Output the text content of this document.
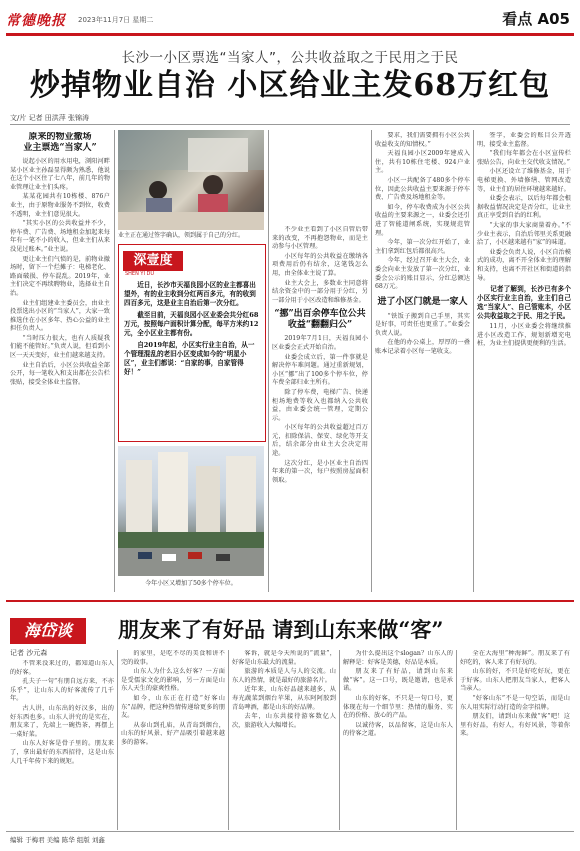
常德晚报 2023年11月7日 星期二	看点 A05
长沙一小区票选“当家人”，公共收益取之于民用之于民
炒掉物业自治 小区给业主发68万红包
文/片 记者 田洪萍 张锦涛
原来的物业撤场
业主票选“当家人”

说起小区的用水用电，浏阳河畔某小区业主孙磊显得颇为熟悉，他说在这个小区住了七八年，前几年的物业管理让业主们头疼。

某某花园共有10栋楼、876户业主，由于原物业服务不到位，收费不透明，业主们意见很大。

“其实小区的公共收益并不少，停车费、广告费、场地租金加起来每年有一笔不小的收入，但业主们从来没见过账本。”业主说。

更让业主们气愤的是，前物业撤场时，留下一个烂摊子：电梯老化、路面破损、停车混乱。2019年，业主们决定不再续聘物业，选择业主自治。

业主们组建业主委员会，由业主投票选出小区的“当家人”，大家一致推选住在小区多年、热心公益的业主担任负责人。

“当时压力很大，也有人质疑我们能不能管好。”负责人说，但看到小区一天天变好，业主们越来越支持。

业主自治后，小区公共收益全部公开，每一笔收入和支出都在公告栏张贴，接受全体业主监督。

业主正在通过签字确认，领到属于自己的分红。
深壹度
SHEN YI DU

近日，长沙市天福良园小区的业主都喜出望外，有的业主收到分红两百多元，有的收到四百多元，这是业主自治后第一次分红。

截至目前，天福良园小区业委会共分红68万元，按照每户面积计算分配，每平方米约12元，全小区业主都有份。

自2019年起，小区实行业主自治，从一个管理混乱的老旧小区变成如今的“明星小区”，业主们都说：“自家的事，自家管得好！”

今年小区又增加了50多个停车位。

不少业主看到了小区自管后带来的改变，不再抱怨物业，而是主动参与小区管理。

小区每年的公共收益在缴纳各项费用后仍有结余，这笔钱怎么用，由全体业主说了算。

业主大会上，多数业主同意将结余资金中的一部分用于分红，另一部分用于小区改造和维修基金。

“挪”出百余停车位公共收益“翻翻归公”

2019年7月1日，天福良园小区业委会正式开始自治。

业委会成立后，第一件事就是解决停车难问题。通过重新规划，小区“挪”出了100多个停车位，停车费全部归业主所有。

除了停车费，电梯广告、快递柜场地费等收入也都纳入公共收益，由业委会统一管理，定期公示。

小区每年的公共收益超过百万元，扣除保洁、保安、绿化等开支后，结余部分由业主大会决定用途。

这次分红，是小区业主自治四年来的第一次，每户按照房屋面积领取。

要求，我们需要拥有小区公共收益收支的知情权。”

天福良园小区2009年建成入住，共有10栋住宅楼、924户业主。

小区一共配备了480多个停车位，因此公共收益主要来源于停车费、广告费及场地租金等。

如今，停车收费成为小区公共收益的主要来源之一，业委会还引进了智能道闸系统，实现规范管理。

今年，第一次分红开始了，业主们拿到红包后都很高兴。

今年，经过召开业主大会，业委会向业主发放了第一次分红，业委会公示的账目显示，分红总额达68万元。

进了小区门就是一家人

“铁饭子搬到自己手里，其实是好事，可责任也更重了。”业委会负责人说。

在他的办公桌上，厚厚的一叠账本记录着小区每一笔收支。

签字，业委会的账目公开透明，接受业主监督。

“我们每年都会在小区宣传栏张贴公告，向业主交代收支情况。”

小区还设立了维修基金，用于电梯更换、外墙修缮、管网改造等，业主们的居住环境越来越好。

业委会表示，以后每年都会根据收益情况决定是否分红，让业主真正享受到自治的红利。

“大家的事大家商量着办。”不少业主表示，自治后邻里关系更融洽了，小区越来越有“家”的味道。

业委会负责人说，小区自治模式的成功，离不开全体业主的理解和支持，也离不开社区和街道的指导。

记者了解到，长沙已有多个小区实行业主自治，业主们自己选“当家人”、自己管账本，小区公共收益取之于民、用之于民。

11月，小区业委会将继续推进小区改造工作，规划新增充电桩，为业主们提供更便利的生活。

海岱谈	朋友来了有好品 请到山东来做“客”
记者 沙元森

不管来没来过的，都知道山东人的好客。

孔夫子一句“有朋自远方来，不亦乐乎”，让山东人的好客流传了几千年。

古人讲，山东出的好汉多，出的好东西也多。山东人讲究的是实在，朋友来了，先端上一碗热茶，再摆上一桌好菜。

山东人好客是骨子里的。朋友来了，拿出最好的东西招待，这是山东人几千年传下来的规矩。

的家里，是吃不尽的美食和讲不完的故事。

山东人为什么这么好客？一方面是受儒家文化的影响，另一方面是山东人天生的豪爽性格。

如今，山东正在打造“好客山东”品牌，把这种热情传递给更多的朋友。

从泰山到孔庙，从青岛到烟台，山东的好风景、好产品吸引着越来越多的游客。

客诉，就是今天所说的“流量”，好客是山东最大的流量。

旅游的本质是人与人的交流。山东人的热情，就是最好的旅游名片。

近年来，山东好品越来越多，从寿光蔬菜到烟台苹果，从东阿阿胶到青岛啤酒，都是山东的好品牌。

去年，山东共接待游客数亿人次，旅游收入大幅增长。

为什么提出这个slogan？山东人的解释是：好客是美德，好品是本质。

朋友来了有好品，请到山东来做“客”。这一口号，既是邀请，也是承诺。

山东的好客，不只是一句口号，更体现在每一个细节里：热情的服务、实在的价格、放心的产品。

以诚待客，以品留客，这是山东人的待客之道。

全在大海里“种海鲜”。朋友来了有好吃的，客人来了有好玩的。

山东的好，不只是好吃好玩，更在于好客。山东人把朋友当家人，把客人当亲人。

“好客山东”不是一句空话，而是山东人用实际行动打造的金字招牌。

朋友们，请到山东来做“客”吧！这里有好品，有好人，有好风景，等着你来。

编辑 于梅君 美编 陈华 组版 刘鑫
